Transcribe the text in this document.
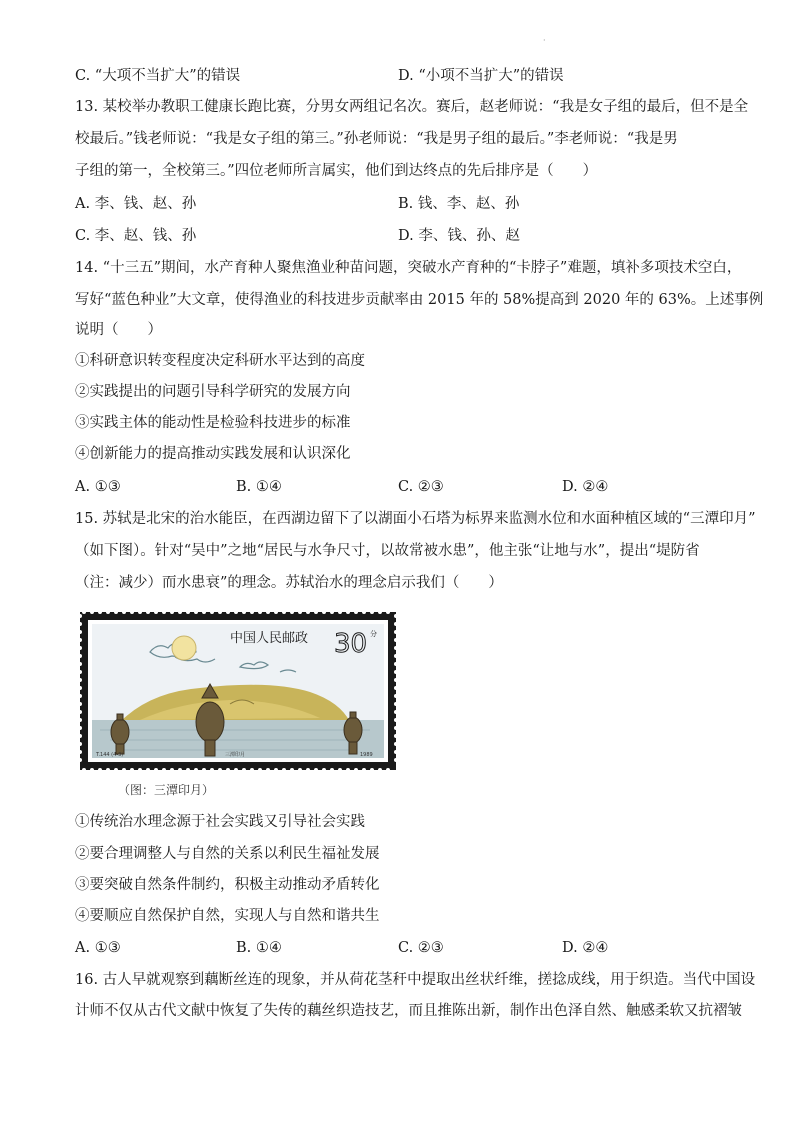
·
C. “大项不当扩大”的错误	D. “小项不当扩大”的错误
13. 某校举办教职工健康长跑比赛，分男女两组记名次。赛后，赵老师说：“我是女子组的最后，但不是全
校最后。”钱老师说：“我是女子组的第三。”孙老师说：“我是男子组的最后。”李老师说：“我是男
子组的第一，全校第三。”四位老师所言属实，他们到达终点的先后排序是（　　）
A. 李、钱、赵、孙	B. 钱、李、赵、孙
C. 李、赵、钱、孙	D. 李、钱、孙、赵
14. “十三五”期间，水产育种人聚焦渔业种苗问题，突破水产育种的“卡脖子”难题，填补多项技术空白，
写好“蓝色种业”大文章，使得渔业的科技进步贡献率由 2015 年的 58%提高到 2020 年的 63%。上述事例
说明（　　）
①科研意识转变程度决定科研水平达到的高度
②实践提出的问题引导科学研究的发展方向
③实践主体的能动性是检验科技进步的标准
④创新能力的提高推动实践发展和认识深化
A. ①③	B. ①④	C. ②③	D. ②④
15. 苏轼是北宋的治水能臣，在西湖边留下了以湖面小石塔为标界来监测水位和水面种植区域的“三潭印月”
（如下图）。针对“吴中”之地“居民与水争尺寸，以故常被水患”，他主张“让地与水”，提出“堤防省
（注：减少）而水患衰”的理念。苏轼治水的理念启示我们（　　）
中国人民邮政 30 分
T.144 (4-3)	三潭印月	1989
（图：三潭印月）
①传统治水理念源于社会实践又引导社会实践
②要合理调整人与自然的关系以利民生福祉发展
③要突破自然条件制约，积极主动推动矛盾转化
④要顺应自然保护自然，实现人与自然和谐共生
A. ①③	B. ①④	C. ②③	D. ②④
16. 古人早就观察到藕断丝连的现象，并从荷花茎秆中提取出丝状纤维，搓捻成线，用于织造。当代中国设
计师不仅从古代文献中恢复了失传的藕丝织造技艺，而且推陈出新，制作出色泽自然、触感柔软又抗褶皱
